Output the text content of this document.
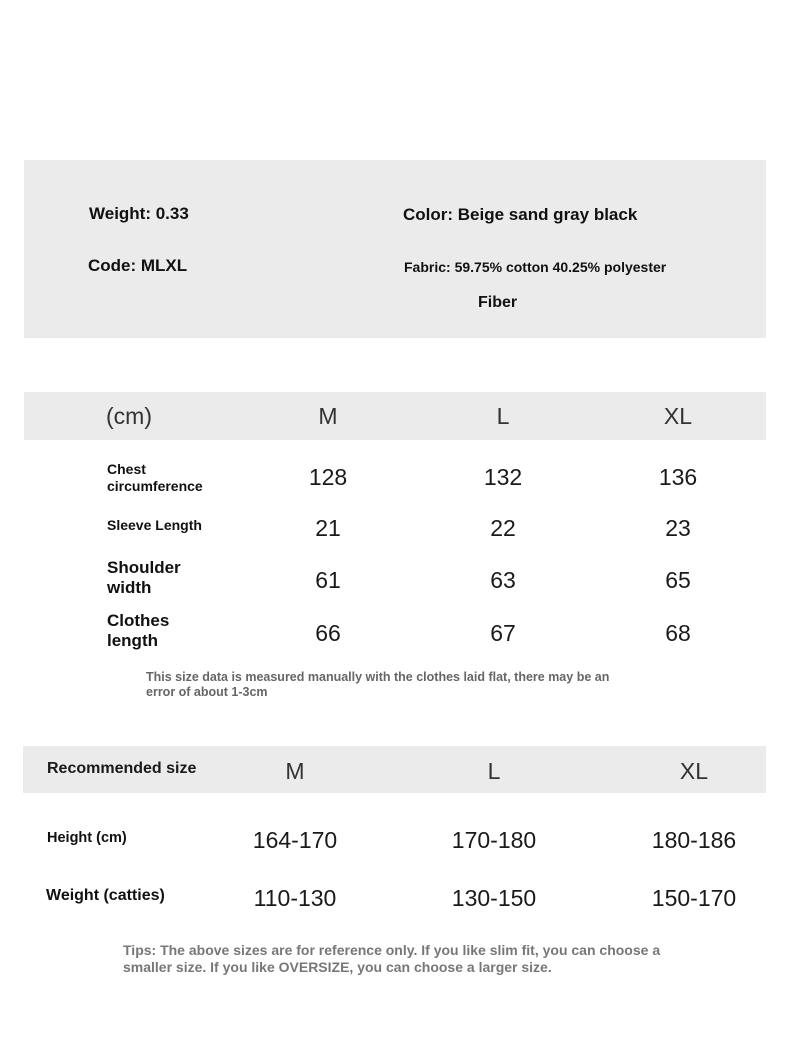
Weight: 0.33	Color: Beige sand gray black
Code: MLXL	Fabric: 59.75% cotton 40.25% polyester
Fiber
(cm)	M	L	XL
Chest
circumference	128	132	136
Sleeve Length	21	22	23
Shoulder
width	61	63	65
Clothes
length	66	67	68
This size data is measured manually with the clothes laid flat, there may be an
error of about 1-3cm
Recommended size	M	L	XL
Height (cm)	164-170	170-180	180-186
Weight (catties)	110-130	130-150	150-170
Tips: The above sizes are for reference only. If you like slim fit, you can choose a
smaller size. If you like OVERSIZE, you can choose a larger size.
